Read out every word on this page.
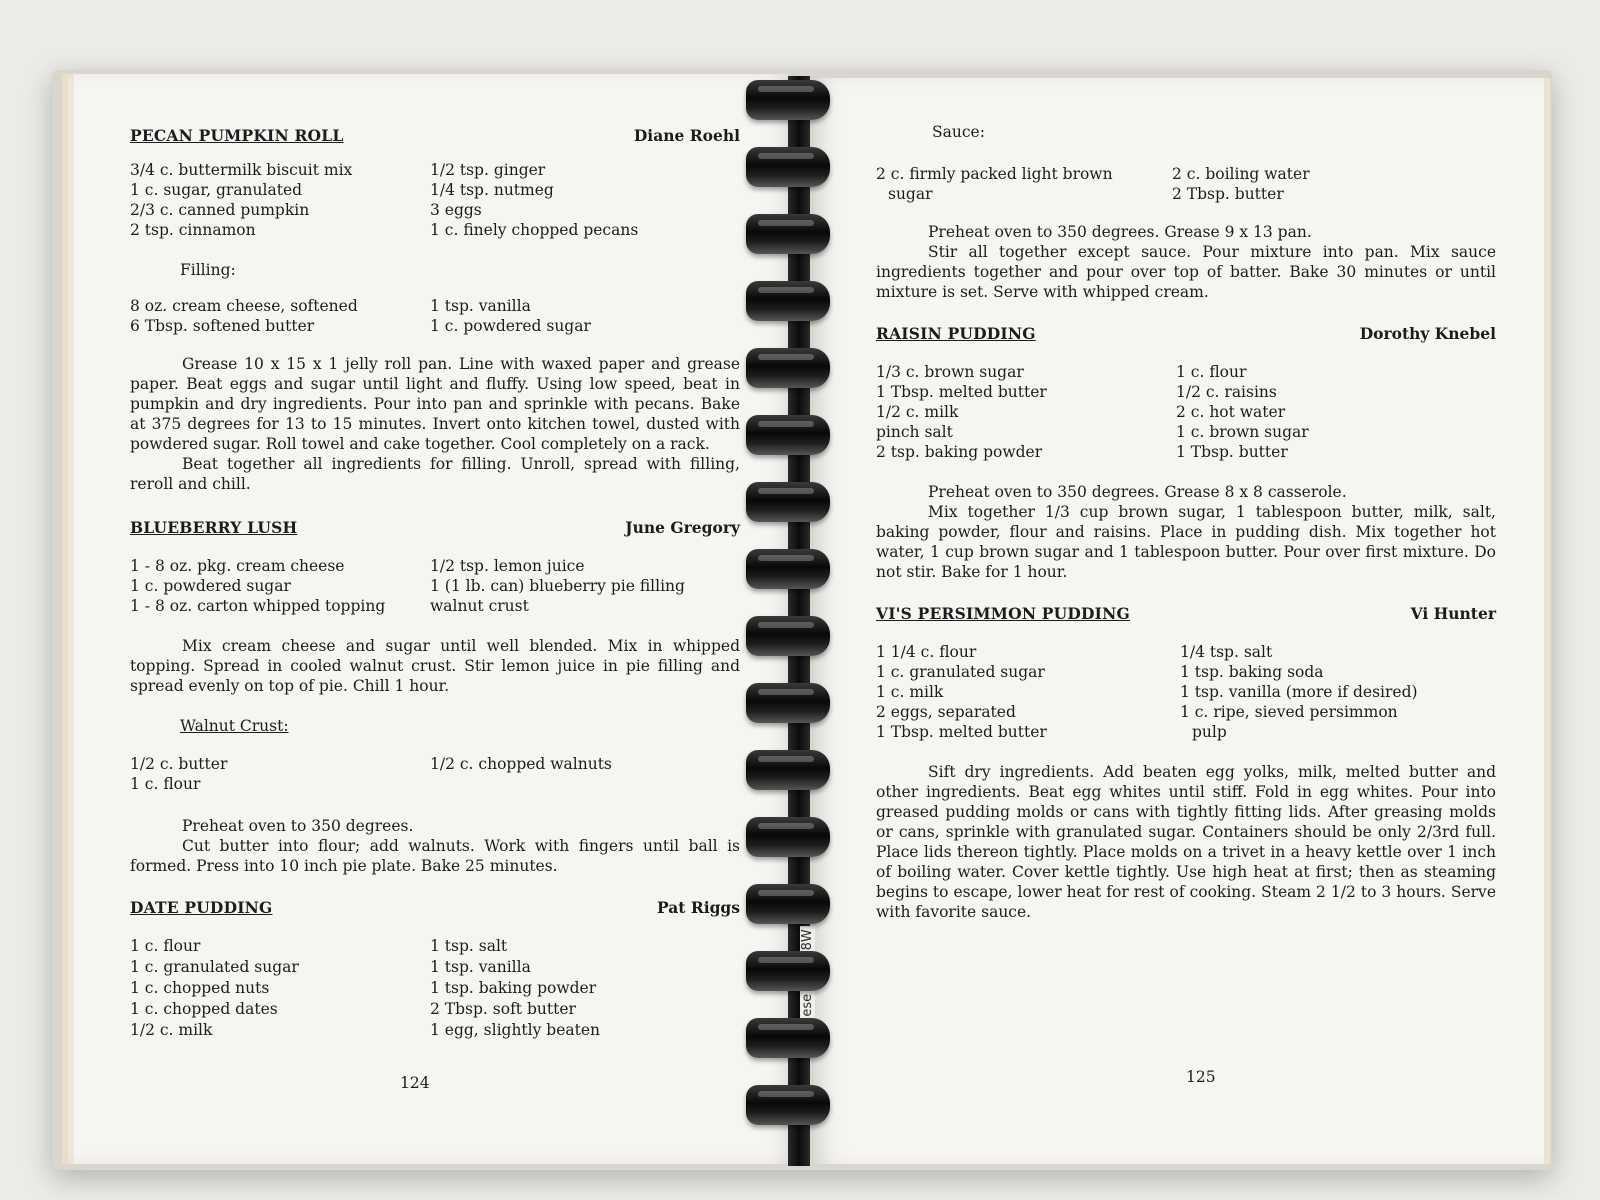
PECAN PUMPKIN ROLL	Diane Roehl
3/4 c. buttermilk biscuit mix	1/2 tsp. ginger
1 c. sugar, granulated	1/4 tsp. nutmeg
2/3 c. canned pumpkin	3 eggs
2 tsp. cinnamon	1 c. finely chopped pecans
Filling:
8 oz. cream cheese, softened	1 tsp. vanilla
6 Tbsp. softened butter	1 c. powdered sugar

Grease 10 x 15 x 1 jelly roll pan. Line with waxed paper and grease paper. Beat eggs and sugar until light and fluffy. Using low speed, beat in pumpkin and dry ingredients. Pour into pan and sprinkle with pecans. Bake at 375 degrees for 13 to 15 minutes. Invert onto kitchen towel, dusted with powdered sugar. Roll towel and cake together. Cool completely on a rack.

Beat together all ingredients for filling. Unroll, spread with filling, reroll and chill.

BLUEBERRY LUSH	June Gregory
1 - 8 oz. pkg. cream cheese	1/2 tsp. lemon juice
1 c. powdered sugar	1 (1 lb. can) blueberry pie filling
1 - 8 oz. carton whipped topping	walnut crust

Mix cream cheese and sugar until well blended. Mix in whipped topping. Spread in cooled walnut crust. Stir lemon juice in pie filling and spread evenly on top of pie. Chill 1 hour.

Walnut Crust:
1/2 c. butter	1/2 c. chopped walnuts
1 c. flour

Preheat oven to 350 degrees.

Cut butter into flour; add walnuts. Work with fingers until ball is formed. Press into 10 inch pie plate. Bake 25 minutes.

DATE PUDDING	Pat Riggs
1 c. flour	1 tsp. salt
1 c. granulated sugar	1 tsp. vanilla
1 c. chopped nuts	1 tsp. baking powder
1 c. chopped dates	2 Tbsp. soft butter
1/2 c. milk	1 egg, slightly beaten
124
Sauce:
2 c. firmly packed light brown	2 c. boiling water
sugar	2 Tbsp. butter

Preheat oven to 350 degrees. Grease 9 x 13 pan.

Stir all together except sauce. Pour mixture into pan. Mix sauce ingredients together and pour over top of batter. Bake 30 minutes or until mixture is set. Serve with whipped cream.

RAISIN PUDDING	Dorothy Knebel
1/3 c. brown sugar	1 c. flour
1 Tbsp. melted butter	1/2 c. raisins
1/2 c. milk	2 c. hot water
pinch salt	1 c. brown sugar
2 tsp. baking powder	1 Tbsp. butter

Preheat oven to 350 degrees. Grease 8 x 8 casserole.

Mix together 1/3 cup brown sugar, 1 tablespoon butter, milk, salt, baking powder, flour and raisins. Place in pudding dish. Mix together hot water, 1 cup brown sugar and 1 tablespoon butter. Pour over first mixture. Do not stir. Bake for 1 hour.

VI'S PERSIMMON PUDDING	Vi Hunter
1 1/4 c. flour	1/4 tsp. salt
1 c. granulated sugar	1 tsp. baking soda
1 c. milk	1 tsp. vanilla (more if desired)
2 eggs, separated	1 c. ripe, sieved persimmon
1 Tbsp. melted butter	pulp

Sift dry ingredients. Add beaten egg yolks, milk, melted butter and other ingredients. Beat egg whites until stiff. Fold in egg whites. Pour into greased pudding molds or cans with tightly fitting lids. After greasing molds or cans, sprinkle with granulated sugar. Containers should be only 2/3rd full. Place lids thereon tightly. Place molds on a trivet in a heavy kettle over 1 inch of boiling water. Cover kettle tightly. Use high heat at first; then as steaming begins to escape, lower heat for rest of cooking. Steam 2 1/2 to 3 hours. Serve with favorite sauce.

125
